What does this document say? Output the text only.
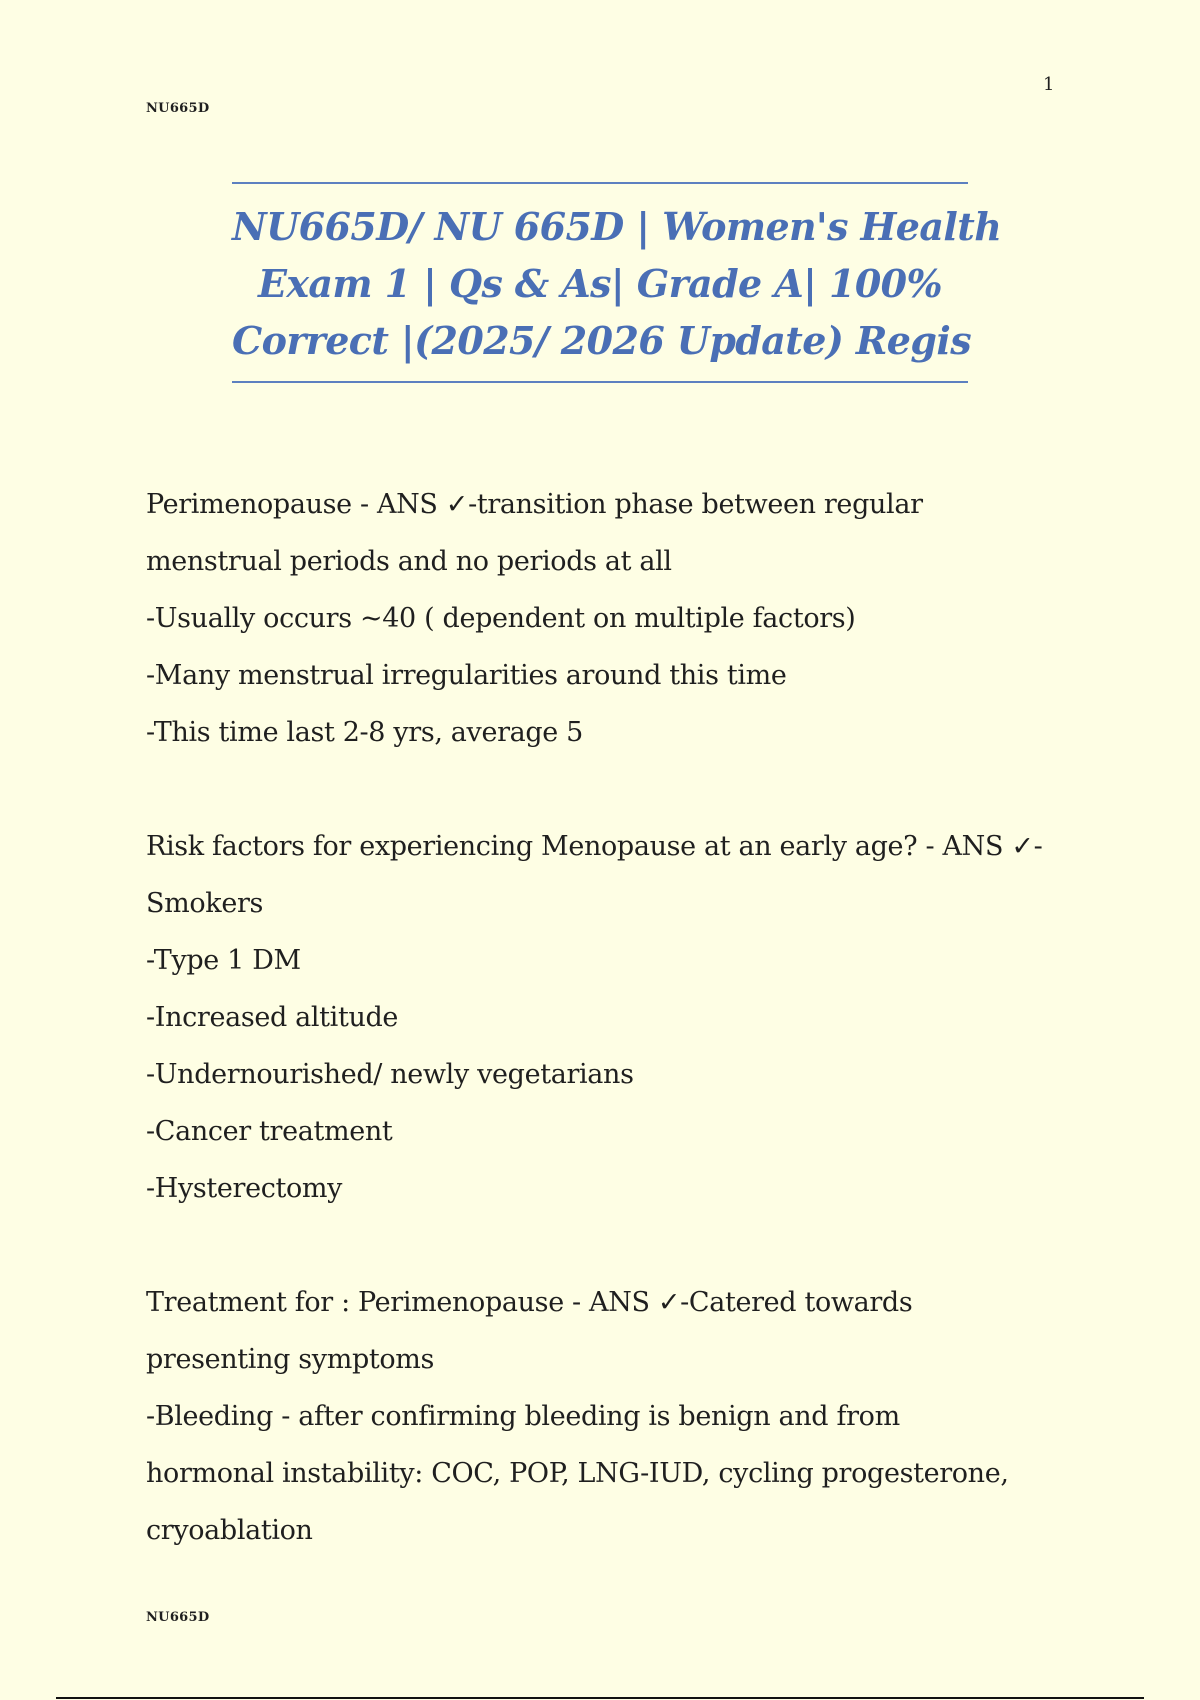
1
NU665D
NU665D/ NU 665D | Women's Health
Exam 1 | Qs & As| Grade A| 100%
Correct |(2025/ 2026 Update) Regis
Perimenopause - ANS ✓-transition phase between regular
menstrual periods and no periods at all
-Usually occurs ~40 ( dependent on multiple factors)
-Many menstrual irregularities around this time
-This time last 2-8 yrs, average 5
Risk factors for experiencing Menopause at an early age? - ANS ✓-
Smokers
-Type 1 DM
-Increased altitude
-Undernourished/ newly vegetarians
-Cancer treatment
-Hysterectomy
Treatment for : Perimenopause - ANS ✓-Catered towards
presenting symptoms
-Bleeding - after confirming bleeding is benign and from
hormonal instability: COC, POP, LNG-IUD, cycling progesterone,
cryoablation
NU665D
